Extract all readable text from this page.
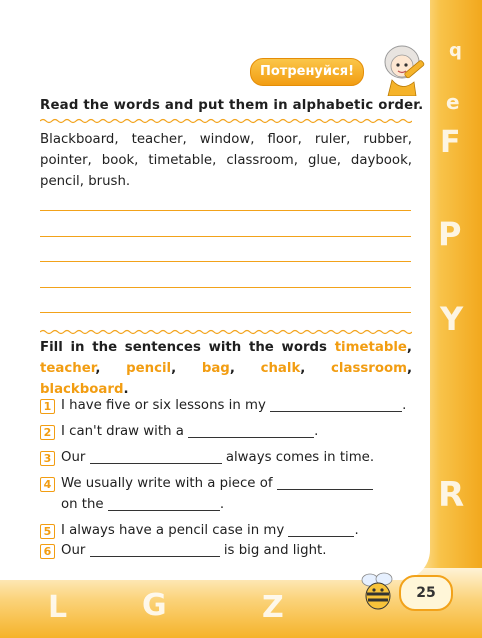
F
P
Y
R
L G	Z
e
q
Потренуйся!
Read the words and put them in alphabetic order.
Blackboard, teacher, window, floor, ruler, rubber, pointer, book, timetable, classroom, glue, daybook, pencil, brush.
Fill in the sentences with the words timetable, teacher, pencil, bag, chalk, classroom, blackboard.
1 I have five or six lessons in my	.
2 I can't draw with a	.
3 Our	always comes in time.
4 We usually write with a piece of
on the	.
5 I always have a pencil case in my	.
6 Our	is big and light.
25
